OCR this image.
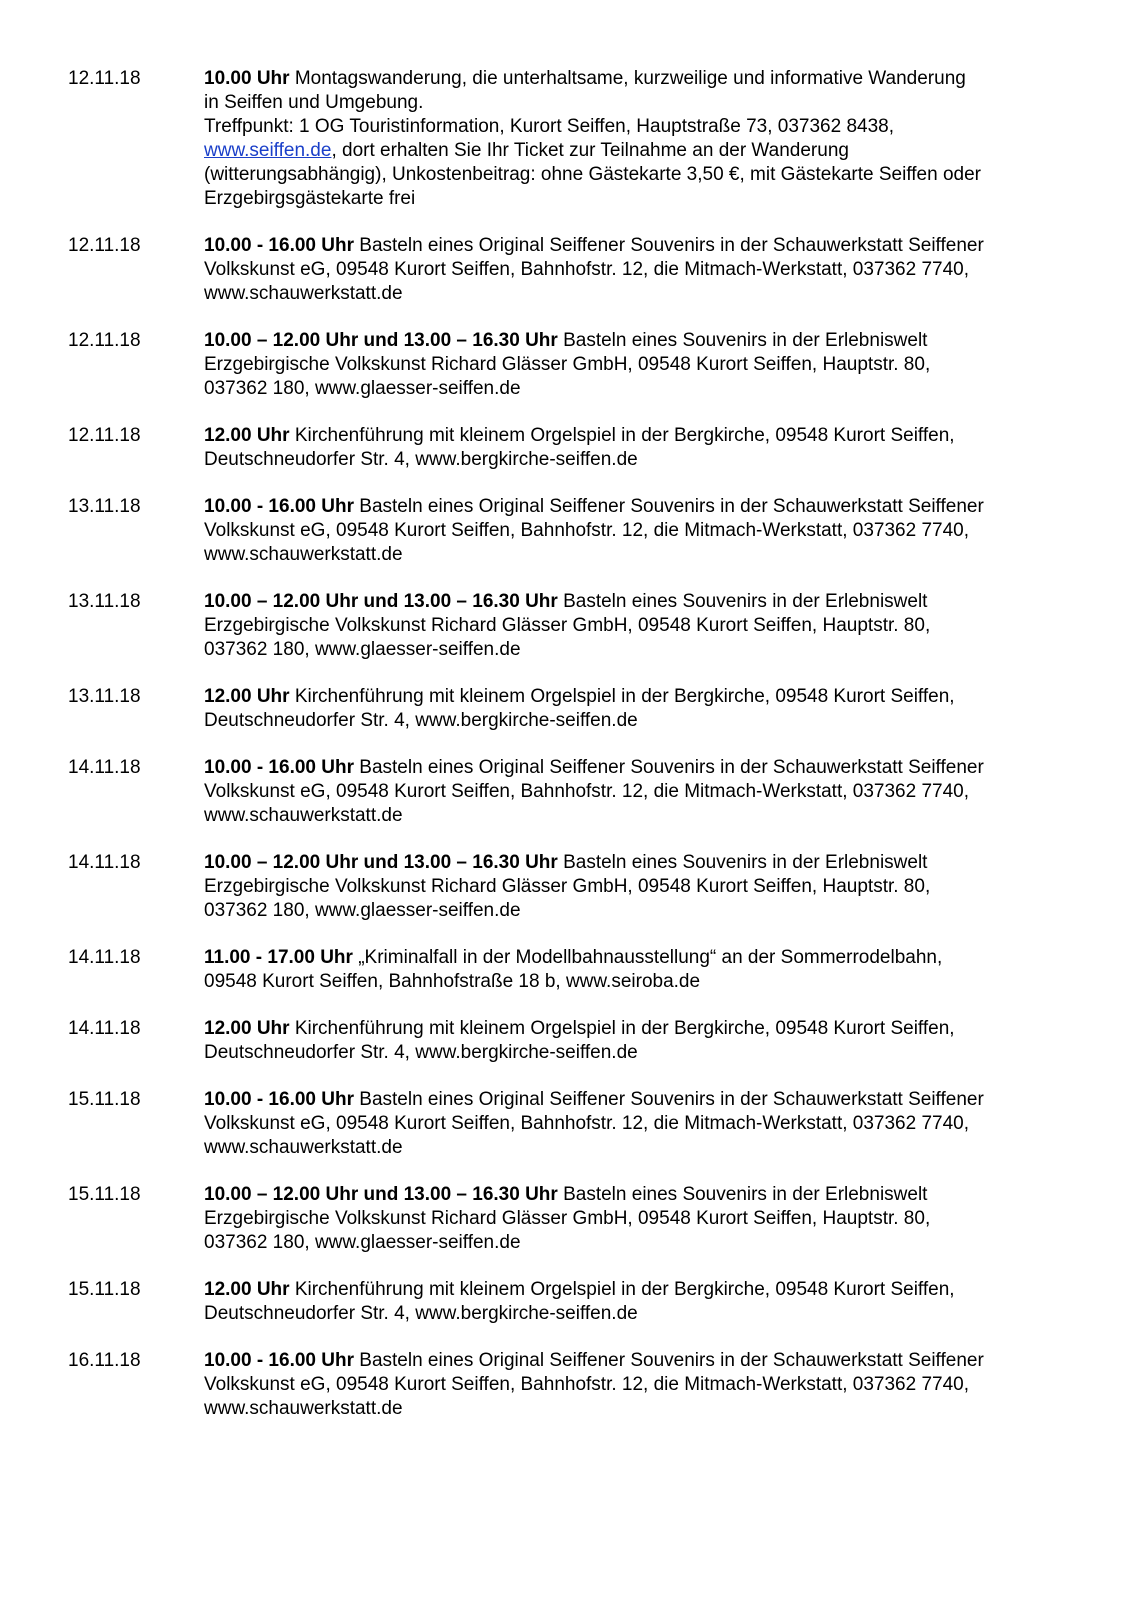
12.11.18	10.00 Uhr Montagswanderung, die unterhaltsame, kurzweilige und informative Wanderung
in Seiffen und Umgebung.
Treffpunkt: 1 OG Touristinformation, Kurort Seiffen, Hauptstraße 73, 037362 8438,
www.seiffen.de, dort erhalten Sie Ihr Ticket zur Teilnahme an der Wanderung
(witterungsabhängig), Unkostenbeitrag: ohne Gästekarte 3,50 €, mit Gästekarte Seiffen oder
Erzgebirgsgästekarte frei
12.11.18	10.00 - 16.00 Uhr Basteln eines Original Seiffener Souvenirs in der Schauwerkstatt Seiffener
Volkskunst eG, 09548 Kurort Seiffen, Bahnhofstr. 12, die Mitmach-Werkstatt, 037362 7740,
www.schauwerkstatt.de
12.11.18	10.00 – 12.00 Uhr und 13.00 – 16.30 Uhr Basteln eines Souvenirs in der Erlebniswelt
Erzgebirgische Volkskunst Richard Glässer GmbH, 09548 Kurort Seiffen, Hauptstr. 80,
037362 180, www.glaesser-seiffen.de
12.11.18	12.00 Uhr Kirchenführung mit kleinem Orgelspiel in der Bergkirche, 09548 Kurort Seiffen,
Deutschneudorfer Str. 4, www.bergkirche-seiffen.de
13.11.18	10.00 - 16.00 Uhr Basteln eines Original Seiffener Souvenirs in der Schauwerkstatt Seiffener
Volkskunst eG, 09548 Kurort Seiffen, Bahnhofstr. 12, die Mitmach-Werkstatt, 037362 7740,
www.schauwerkstatt.de
13.11.18	10.00 – 12.00 Uhr und 13.00 – 16.30 Uhr Basteln eines Souvenirs in der Erlebniswelt
Erzgebirgische Volkskunst Richard Glässer GmbH, 09548 Kurort Seiffen, Hauptstr. 80,
037362 180, www.glaesser-seiffen.de
13.11.18	12.00 Uhr Kirchenführung mit kleinem Orgelspiel in der Bergkirche, 09548 Kurort Seiffen,
Deutschneudorfer Str. 4, www.bergkirche-seiffen.de
14.11.18	10.00 - 16.00 Uhr Basteln eines Original Seiffener Souvenirs in der Schauwerkstatt Seiffener
Volkskunst eG, 09548 Kurort Seiffen, Bahnhofstr. 12, die Mitmach-Werkstatt, 037362 7740,
www.schauwerkstatt.de
14.11.18	10.00 – 12.00 Uhr und 13.00 – 16.30 Uhr Basteln eines Souvenirs in der Erlebniswelt
Erzgebirgische Volkskunst Richard Glässer GmbH, 09548 Kurort Seiffen, Hauptstr. 80,
037362 180, www.glaesser-seiffen.de
14.11.18	11.00 - 17.00 Uhr „Kriminalfall in der Modellbahnausstellung“ an der Sommerrodelbahn,
09548 Kurort Seiffen, Bahnhofstraße 18 b, www.seiroba.de
14.11.18	12.00 Uhr Kirchenführung mit kleinem Orgelspiel in der Bergkirche, 09548 Kurort Seiffen,
Deutschneudorfer Str. 4, www.bergkirche-seiffen.de
15.11.18	10.00 - 16.00 Uhr Basteln eines Original Seiffener Souvenirs in der Schauwerkstatt Seiffener
Volkskunst eG, 09548 Kurort Seiffen, Bahnhofstr. 12, die Mitmach-Werkstatt, 037362 7740,
www.schauwerkstatt.de
15.11.18	10.00 – 12.00 Uhr und 13.00 – 16.30 Uhr Basteln eines Souvenirs in der Erlebniswelt
Erzgebirgische Volkskunst Richard Glässer GmbH, 09548 Kurort Seiffen, Hauptstr. 80,
037362 180, www.glaesser-seiffen.de
15.11.18	12.00 Uhr Kirchenführung mit kleinem Orgelspiel in der Bergkirche, 09548 Kurort Seiffen,
Deutschneudorfer Str. 4, www.bergkirche-seiffen.de
16.11.18	10.00 - 16.00 Uhr Basteln eines Original Seiffener Souvenirs in der Schauwerkstatt Seiffener
Volkskunst eG, 09548 Kurort Seiffen, Bahnhofstr. 12, die Mitmach-Werkstatt, 037362 7740,
www.schauwerkstatt.de
